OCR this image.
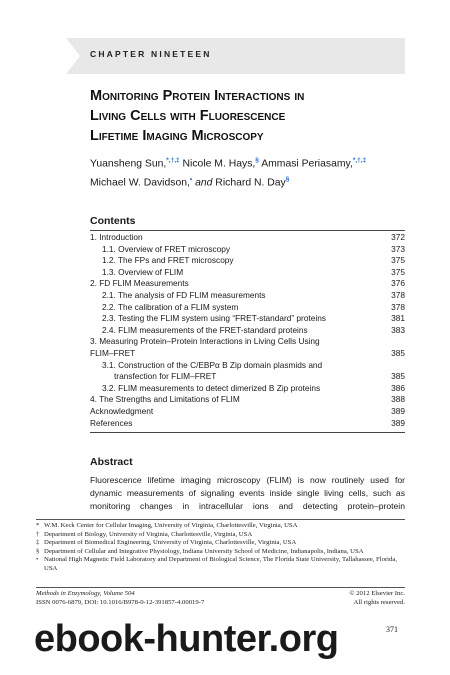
CHAPTER NINETEEN
Monitoring Protein Interactions in
Living Cells with Fluorescence
Lifetime Imaging Microscopy
Yuansheng Sun,*,†,‡ Nicole M. Hays,§ Ammasi Periasamy,*,†,‡
Michael W. Davidson,• and Richard N. Day§
Contents
1. Introduction	372
1.1. Overview of FRET microscopy	373
1.2. The FPs and FRET microscopy	375
1.3. Overview of FLIM	375
2. FD FLIM Measurements	376
2.1. The analysis of FD FLIM measurements	378
2.2. The calibration of a FLIM system	378
2.3. Testing the FLIM system using “FRET-standard” proteins	381
2.4. FLIM measurements of the FRET-standard proteins	383
3. Measuring Protein–Protein Interactions in Living Cells Using
FLIM–FRET	385
3.1. Construction of the C/EBPα B Zip domain plasmids and
transfection for FLIM–FRET	385
3.2. FLIM measurements to detect dimerized B Zip proteins	386
4. The Strengths and Limitations of FLIM	388
Acknowledgment	389
References	389
Abstract
Fluorescence lifetime imaging microscopy (FLIM) is now routinely used for
dynamic measurements of signaling events inside single living cells, such as
monitoring changes in intracellular ions and detecting protein–protein
* W.M. Keck Center for Cellular Imaging, University of Virginia, Charlottesville, Virginia, USA
† Department of Biology, University of Virginia, Charlottesville, Virginia, USA
‡ Department of Biomedical Engineering, University of Virginia, Charlottesville, Virginia, USA
§ Department of Cellular and Integrative Physiology, Indiana University School of Medicine, Indianapolis, Indiana, USA
• National High Magnetic Field Laboratory and Department of Biological Science, The Florida State University, Tallahassee, Florida, USA
Methods in Enzymology, Volume 504	© 2012 Elsevier Inc.
ISSN 0076-6879, DOI: 10.1016/B978-0-12-391857-4.00019-7	All rights reserved.
371
ebook-hunter.org
